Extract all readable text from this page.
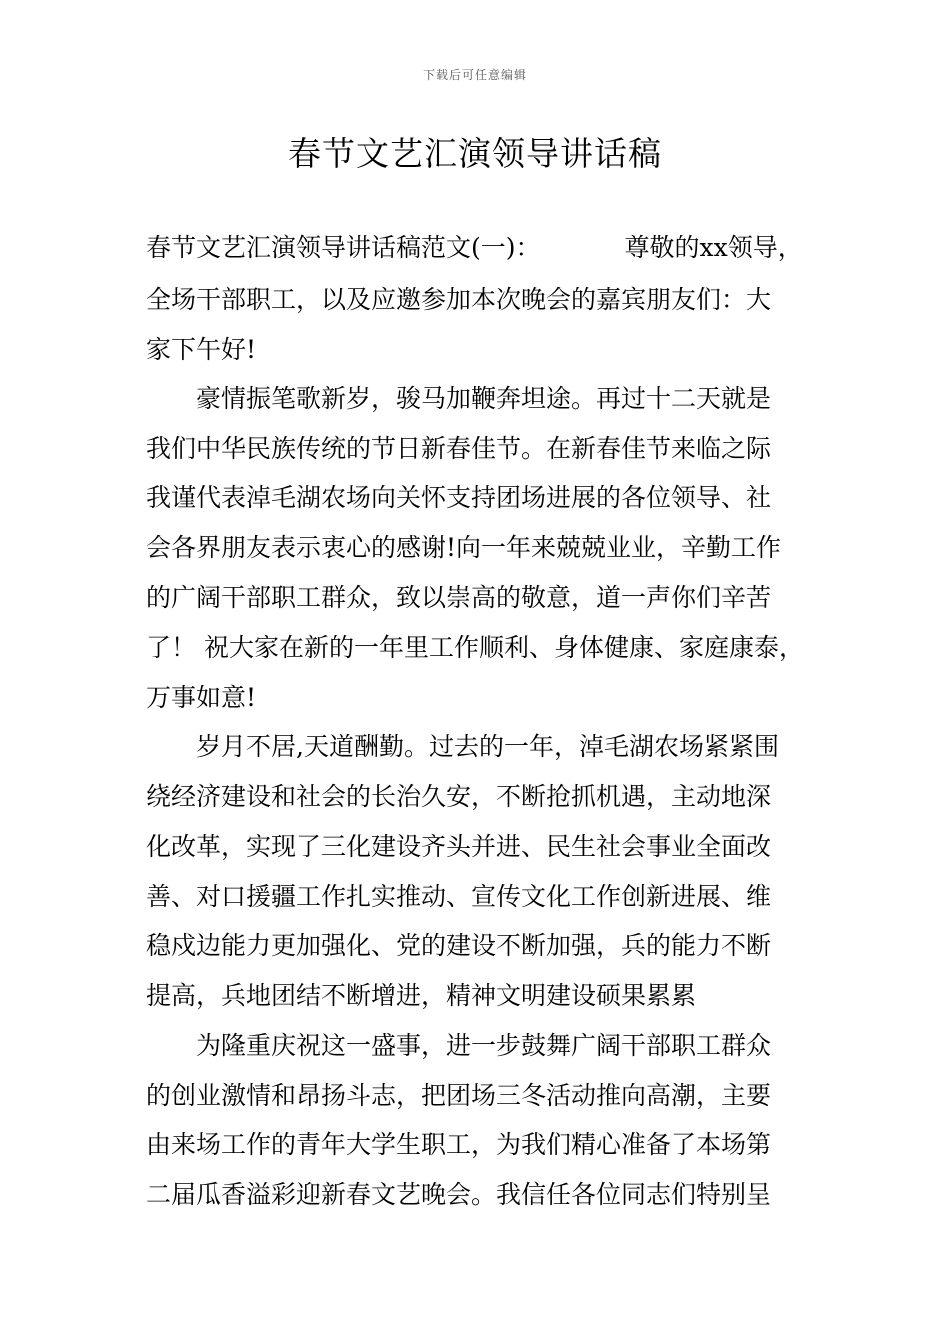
下载后可任意编辑
春节文艺汇演领导讲话稿
春节文艺汇演领导讲话稿范文(一)：	尊敬的xx领导，
全场干部职工，以及应邀参加本次晚会的嘉宾朋友们：大
家下午好!
豪情振笔歌新岁，骏马加鞭奔坦途。再过十二天就是
我们中华民族传统的节日新春佳节。在新春佳节来临之际
我谨代表淖毛湖农场向关怀支持团场进展的各位领导、社
会各界朋友表示衷心的感谢!向一年来兢兢业业，辛勤工作
的广阔干部职工群众，致以崇高的敬意，道一声你们辛苦
了！ 祝大家在新的一年里工作顺利、身体健康、家庭康泰，
万事如意!
岁月不居,天道酬勤。过去的一年，淖毛湖农场紧紧围
绕经济建设和社会的长治久安，不断抢抓机遇，主动地深
化改革，实现了三化建设齐头并进、民生社会事业全面改
善、对口援疆工作扎实推动、宣传文化工作创新进展、维
稳戍边能力更加强化、党的建设不断加强，兵的能力不断
提高，兵地团结不断增进，精神文明建设硕果累累
为隆重庆祝这一盛事，进一步鼓舞广阔干部职工群众
的创业激情和昂扬斗志，把团场三冬活动推向高潮，主要
由来场工作的青年大学生职工，为我们精心准备了本场第
二届瓜香溢彩迎新春文艺晚会。我信任各位同志们特别呈
